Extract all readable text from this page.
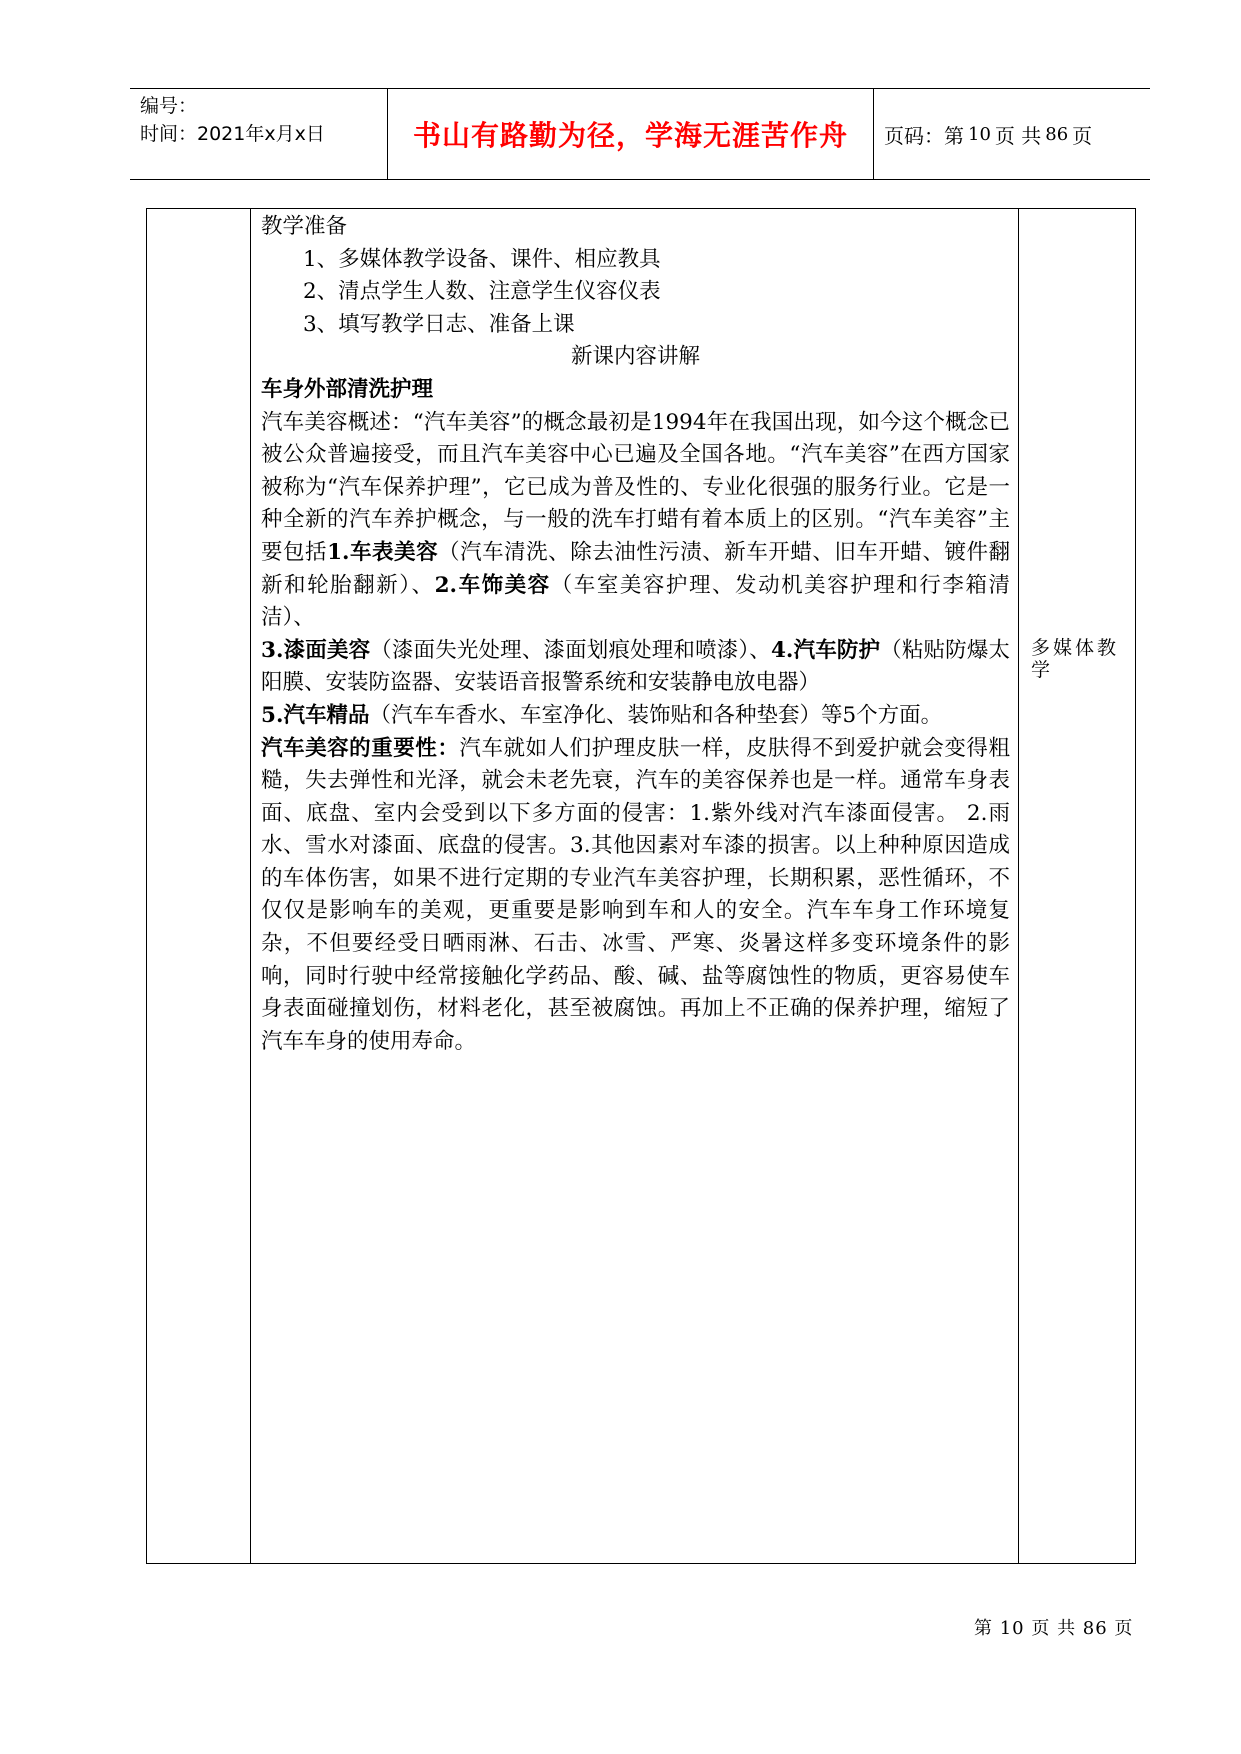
编号：
时间：2021年x月x日	书山有路勤为径，学海无涯苦作舟	页码：第 10 页 共 86 页

教学准备

1、多媒体教学设备、课件、相应教具

2、清点学生人数、注意学生仪容仪表

3、填写教学日志、准备上课

新课内容讲解

车身外部清洗护理

汽车美容概述：“汽车美容”的概念最初是1994年在我国出现，如今这个概念已被公众普遍接受，而且汽车美容中心已遍及全国各地。“汽车美容”在西方国家被称为“汽车保养护理”，它已成为普及性的、专业化很强的服务行业。它是一种全新的汽车养护概念，与一般的洗车打蜡有着本质上的区别。“汽车美容”主要包括1.车表美容（汽车清洗、除去油性污渍、新车开蜡、旧车开蜡、镀件翻新和轮胎翻新）、2.车饰美容（车室美容护理、发动机美容护理和行李箱清洁）、

3.漆面美容（漆面失光处理、漆面划痕处理和喷漆）、4.汽车防护（粘贴防爆太阳膜、安装防盗器、安装语音报警系统和安装静电放电器）

5.汽车精品（汽车车香水、车室净化、装饰贴和各种垫套）等5个方面。

汽车美容的重要性：汽车就如人们护理皮肤一样，皮肤得不到爱护就会变得粗糙，失去弹性和光泽，就会未老先衰，汽车的美容保养也是一样。通常车身表面、底盘、室内会受到以下多方面的侵害：1.紫外线对汽车漆面侵害。 2.雨水、雪水对漆面、底盘的侵害。3.其他因素对车漆的损害。以上种种原因造成的车体伤害，如果不进行定期的专业汽车美容护理，长期积累，恶性循环，不仅仅是影响车的美观，更重要是影响到车和人的安全。汽车车身工作环境复杂，不但要经受日晒雨淋、石击、冰雪、严寒、炎暑这样多变环境条件的影响，同时行驶中经常接触化学药品、酸、碱、盐等腐蚀性的物质，更容易使车身表面碰撞划伤，材料老化，甚至被腐蚀。再加上不正确的保养护理，缩短了汽车车身的使用寿命。

多媒体教学
第 10 页 共 86 页
